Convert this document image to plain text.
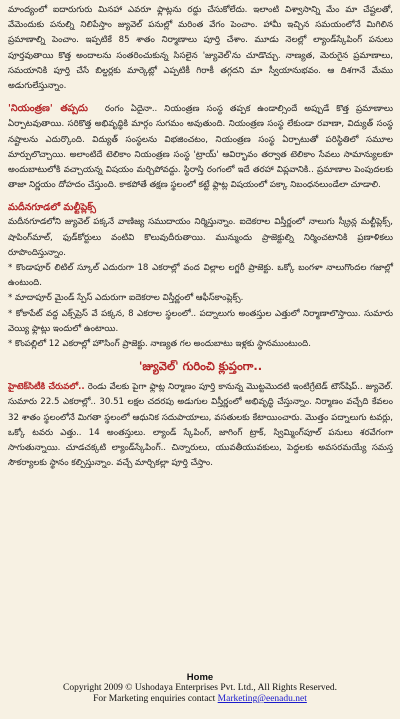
మాంద్యంలో ఐదారుగురు మినహా ఎవరూ ఫ్లాట్లను రద్దు చేసుకోలేదు. ఇలాంటి విశ్వాసాన్ని మేం మా చేష్టలతో, వేమెందుకు పనుల్ని నిలిపేస్తాం జ్యువెల్ పనుల్లో మరింత వేగం పెంచాం. హామీ ఇచ్చిన సమయంలోనే మిగిలిన ప్రమాణాల్ని పెంచాం. ఇప్పటికే 85 శాతం నిర్మాణాలు పూర్తి చేశాం. మూడు నెలల్లో ల్యాండ్‌స్కేపింగ్ పనులు పూర్తవుతాయి కొత్త అందాలను సంతరించుకున్న సిసలైన 'జ్యువెల్'ను చూడొచ్చు. నాణ్యత, మెరుగైన ప్రమాణాలు, సమయానికి పూర్తి చేసే బిల్డర్లకు మార్కెట్లో ఎప్పటికీ గిరాకీ తగ్గదని మా స్వీయానుభవం. ఆ దిశగానే మేము అడుగులేస్తున్నాం.

'నియంత్రణ' తప్పదు రంగం ఏదైనా.. నియంత్రణ సంస్థ తప్పక ఉండాల్సిందే అప్పుడే కొత్త ప్రమాణాలు ఏర్పాటవుతాయి. సరికొత్త అభివృద్ధికి మార్గం సుగమం అవుతుంది. నియంత్రణ సంస్థ లేకుండా రవాణా, విద్యుత్ సంస్థ నష్టాలను ఎదుర్కొంది. విద్యుత్ సంస్థలను విభజించటం, నియంత్రణ సంస్థ ఏర్పాటుతో పరిస్థితిలో సమూల మార్పులొచ్చాయి. అలాంటిదే టెలికాం నియంత్రణ సంస్థ 'ట్రాయ్' ఆవిర్భావం తర్వాత టెలికాం సేవలు సామాన్యులకూ అందుబాటులోకి వచ్చాయన్న విషయం మర్చిపోవద్దు. స్థిరాస్తి రంగంలో ఇదే తరహా విప్లవానికి.. ప్రమాణాల పెంపుదలకు తాజా నిర్ణయం దోహదం చేస్తుంది. కాకపోతే తక్షణ స్థలంలో కట్టే ఫ్లాట్ల విషయంలో పక్కా నిబంధనలుండేలా చూడాలి.

మదీనగూడలో మల్టీప్లెక్స్

మదీనగూడలోని జ్యువెల్ పక్కనే వాణిజ్య సముదాయం నిర్మిస్తున్నాం. ఐదెకరాల విస్తీర్ణంలో నాలుగు స్క్రీన్ల మల్టీప్లెక్స్, షాపింగ్‌మాల్, ఫుడ్‌కోర్టులు వంటివి కొలువుదీరుతాయి. మున్ముందు ప్రాజెక్టుల్ని నిర్మించటానికి ప్రణాళికలు రూపొందిస్తున్నాం.

* కొండాపూర్ లిటిల్ స్కూల్ ఎదురుగా 18 ఎకరాల్లో వంద విల్లాల లగ్జరీ ప్రాజెక్టు. ఒక్కో బంగళా నాలుగొందల గజాల్లో ఉంటుంది.

* మాదాపూర్ మైండ్ స్పేస్ ఎదురుగా ఐదెకరాల విస్తీర్ణంలో ఆఫీస్‌కాంప్లెక్స్.

* కోకాపేట్ వద్ద ఎక్స్‌ప్రెస్ వే పక్కన, 8 ఎకరాల స్థలంలో.. పద్నాలుగు అంతస్తుల ఎత్తులో నిర్మాణాలొస్తాయి. సుమారు వెయ్యి ఫ్లాట్లు ఇందులో ఉంటాయి.

* కొంపల్లిలో 12 ఎకరాల్లో హౌసింగ్ ప్రాజెక్టు. నాణ్యత గల అందుబాటు ఇళ్లకు స్థానముంటుంది.

'జ్యువెల్' గురించి క్లుప్తంగా..

హైటెక్‌సిటీకి చేరువలో.. రెండు వేలకు పైగా ఫ్లాట్ల నిర్మాణం పూర్తి కానున్న మొట్టమొదటి ఇంటిగ్రేటెడ్ టౌన్‌షిప్.. జ్యువెల్. సుమారు 22.5 ఎకరాల్లో.. 30.51 లక్షల చదరపు అడుగుల విస్తీర్ణంలో అభివృద్ధి చేస్తున్నాం. నిర్మాణం వచ్చేది కేవలం 32 శాతం స్థలంలోనే మిగతా స్థలంలో ఆధునిక సదుపాయాలు, వసతులకు కేటాయించారు. మొత్తం పద్నాలుగు టవర్లు, ఒక్కో టవరు ఎత్తు.. 14 అంతస్తులు. ల్యాండ్ స్కేపింగ్, జాగింగ్ ట్రాక్, స్విమ్మింగ్‌పూల్ పనులు శరవేగంగా సాగుతున్నాయి. చూడచక్కటి ల్యాండ్‌స్కేపింగ్.. చిన్నారులు, యువతీయువకులు, పెద్దలకు అవసరమయ్యే సమస్త సౌకర్యాలకు స్థానం కల్పిస్తున్నాం. వచ్చే మార్చికల్లా పూర్తి చేస్తాం.

Home
Copyright 2009 © Ushodaya Enterprises Pvt. Ltd., All Rights Reserved.
For Marketing enquiries contact Marketing@eenadu.net
